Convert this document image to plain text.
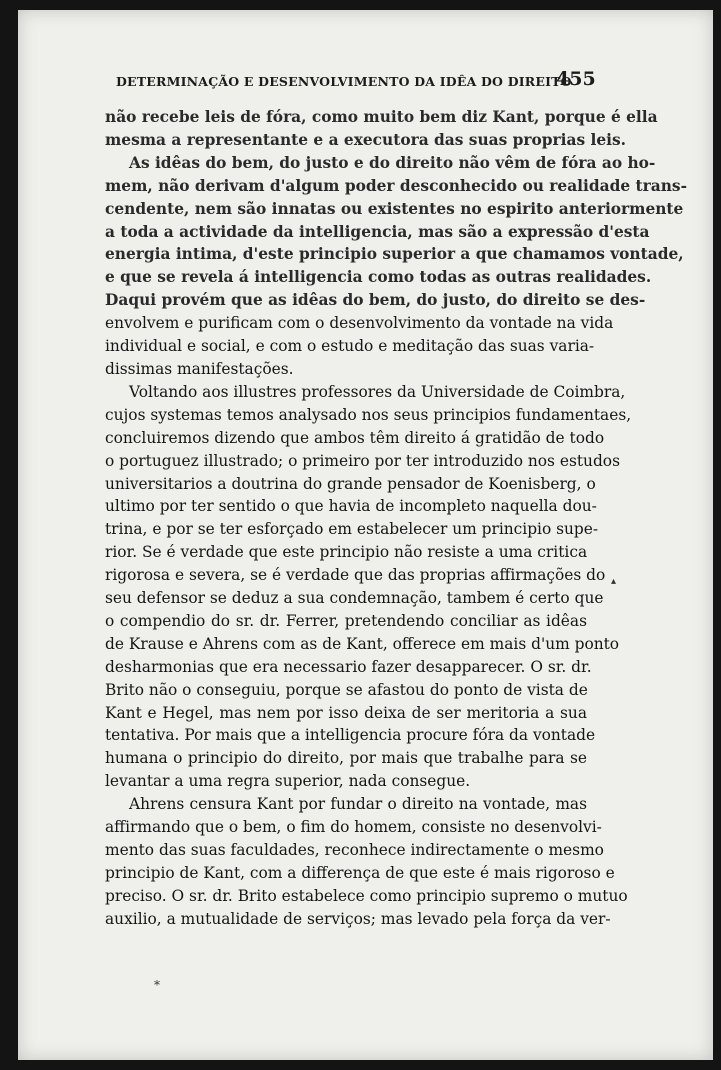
DETERMINAÇÃO E DESENVOLVIMENTO DA IDÊA DO DIREITO
455

não recebe leis de fóra, como muito bem diz Kant, porque é ella
mesma a representante e a executora das suas proprias leis.

As idêas do bem, do justo e do direito não vêm de fóra ao ho-
mem, não derivam d'algum poder desconhecido ou realidade trans-
cendente, nem são innatas ou existentes no espirito anteriormente
a toda a actividade da intelligencia, mas são a expressão d'esta
energia intima, d'este principio superior a que chamamos vontade,
e que se revela á intelligencia como todas as outras realidades.
Daqui provém que as idêas do bem, do justo, do direito se des-
envolvem e purificam com o desenvolvimento da vontade na vida
individual e social, e com o estudo e meditação das suas varia-
dissimas manifestações.

Voltando aos illustres professores da Universidade de Coimbra,
cujos systemas temos analysado nos seus principios fundamentaes,
concluiremos dizendo que ambos têm direito á gratidão de todo
o portuguez illustrado; o primeiro por ter introduzido nos estudos
universitarios a doutrina do grande pensador de Koenisberg, o
ultimo por ter sentido o que havia de incompleto naquella dou-
trina, e por se ter esforçado em estabelecer um principio supe-
rior. Se é verdade que este principio não resiste a uma critica
rigorosa e severa, se é verdade que das proprias affirmações do
seu defensor se deduz a sua condemnação, tambem é certo que
o compendio do sr. dr. Ferrer, pretendendo conciliar as idêas
de Krause e Ahrens com as de Kant, offerece em mais d'um ponto
desharmonias que era necessario fazer desapparecer. O sr. dr.
Brito não o conseguiu, porque se afastou do ponto de vista de
Kant e Hegel, mas nem por isso deixa de ser meritoria a sua
tentativa. Por mais que a intelligencia procure fóra da vontade
humana o principio do direito, por mais que trabalhe para se
levantar a uma regra superior, nada consegue.

Ahrens censura Kant por fundar o direito na vontade, mas
affirmando que o bem, o fim do homem, consiste no desenvolvi-
mento das suas faculdades, reconhece indirectamente o mesmo
principio de Kant, com a differença de que este é mais rigoroso e
preciso. O sr. dr. Brito estabelece como principio supremo o mutuo
auxilio, a mutualidade de serviços; mas levado pela força da ver-

▴
*
